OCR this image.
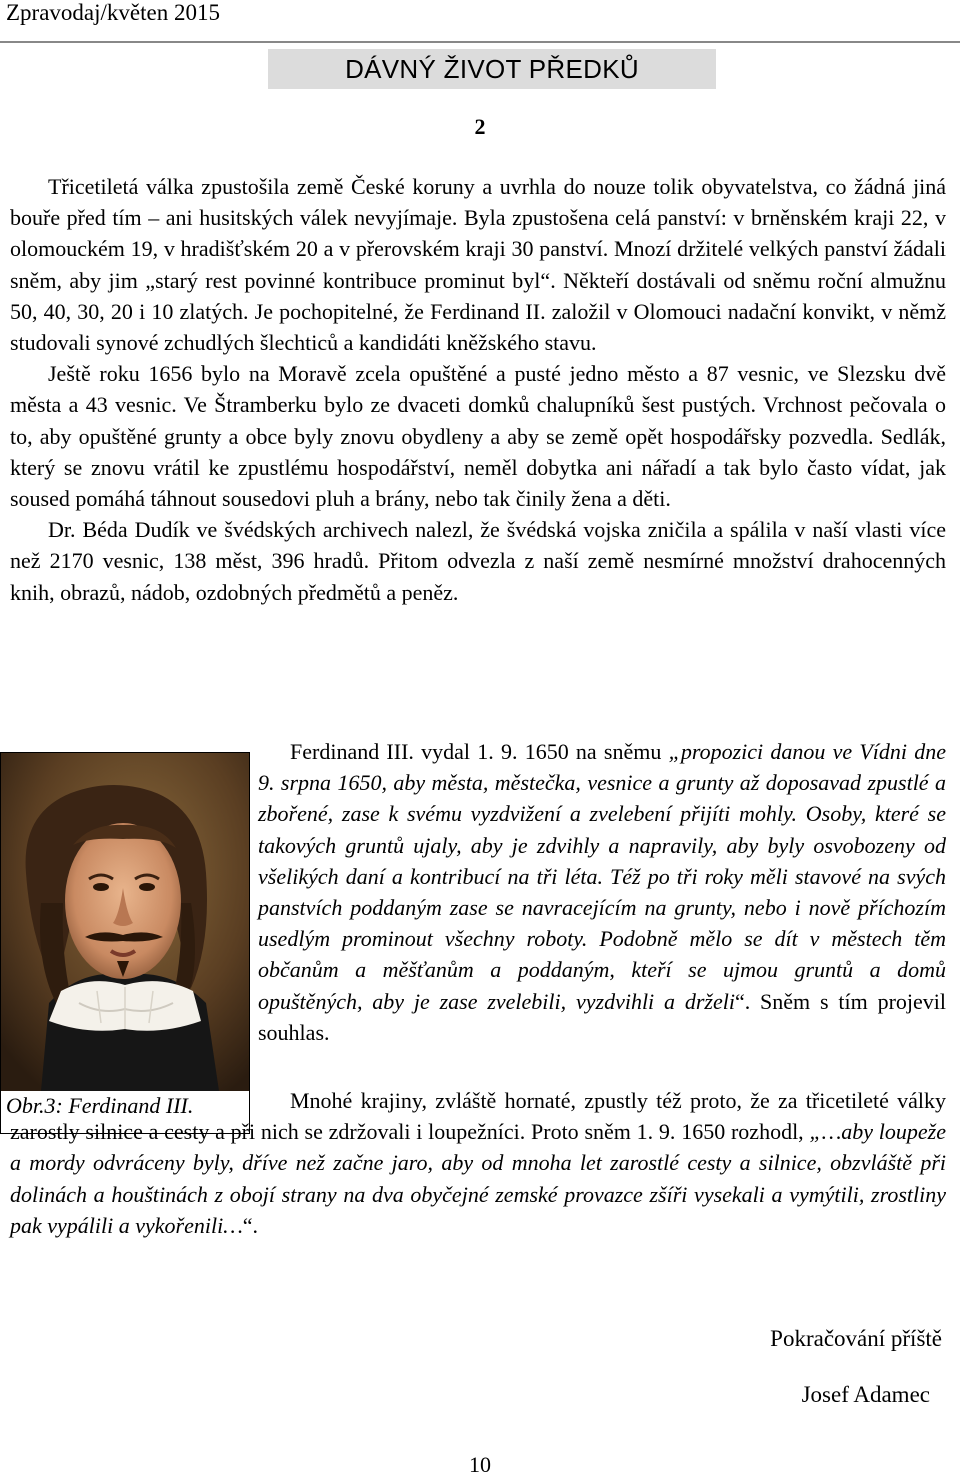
Zpravodaj/květen 2015
DÁVNÝ ŽIVOT PŘEDKŮ
2

Třicetiletá válka zpustošila země České koruny a uvrhla do nouze tolik obyvatelstva, co žádná jiná bouře před tím – ani husitských válek nevyjímaje. Byla zpustošena celá panství: v brněnském kraji 22, v olomouckém 19, v hradišťském 20 a v přerovském kraji 30 panství. Mnozí držitelé velkých panství žádali sněm, aby jim „starý rest povinné kontribuce prominut byl“. Někteří dostávali od sněmu roční almužnu 50, 40, 30, 20 i 10 zlatých. Je pochopitelné, že Ferdinand II. založil v Olomouci nadační konvikt, v němž studovali synové zchudlých šlechticů a kandidáti kněžského stavu.

Ještě roku 1656 bylo na Moravě zcela opuštěné a pusté jedno město a 87 vesnic, ve Slezsku dvě města a 43 vesnic. Ve Štramberku bylo ze dvaceti domků chalupníků šest pustých. Vrchnost pečovala o to, aby opuštěné grunty a obce byly znovu obydleny a aby se země opět hospodářsky pozvedla. Sedlák, který se znovu vrátil ke zpustlému hospodářství, neměl dobytka ani nářadí a tak bylo často vídat, jak soused pomáhá táhnout sousedovi pluh a brány, nebo tak činily žena a děti.

Dr. Béda Dudík ve švédských archivech nalezl, že švédská vojska zničila a spálila v naší vlasti více než 2170 vesnic, 138 měst, 396 hradů. Přitom odvezla z naší země nesmírné množství drahocenných knih, obrazů, nádob, ozdobných předmětů a peněz.

Obr.3: Ferdinand III.

Ferdinand III. vydal 1. 9. 1650 na sněmu „propozici danou ve Vídni dne 9. srpna 1650, aby města, městečka, vesnice a grunty až doposavad zpustlé a zbořené, zase k svému vyzdvižení a zvelebení přijíti mohly. Osoby, které se takových gruntů ujaly, aby je zdvihly a napravily, aby byly osvobozeny od všelikých daní a kontribucí na tři léta. Též po tři roky měli stavové na svých panstvích poddaným zase se navracejícím na grunty, nebo i nově příchozím usedlým prominout všechny roboty. Podobně mělo se dít v městech těm občanům a měšťanům a poddaným, kteří se ujmou gruntů a domů opuštěných, aby je zase zvelebili, vyzdvihli a drželi“. Sněm s tím projevil souhlas.

Mnohé krajiny, zvláště hornaté, zpustly též proto, že za třicetileté války zarostly silnice a cesty a při nich se zdržovali i loupežníci. Proto sněm 1. 9. 1650 rozhodl, „…aby loupeže a mordy odvráceny byly, dříve než začne jaro, aby od mnoha let zarostlé cesty a silnice, obzvláště při dolinách a houštinách z obojí strany na dva obyčejné zemské provazce zšíři vysekali a vymýtili, zrostliny pak vypálili a vykořenili…“.

Pokračování příště
Josef Adamec
10
